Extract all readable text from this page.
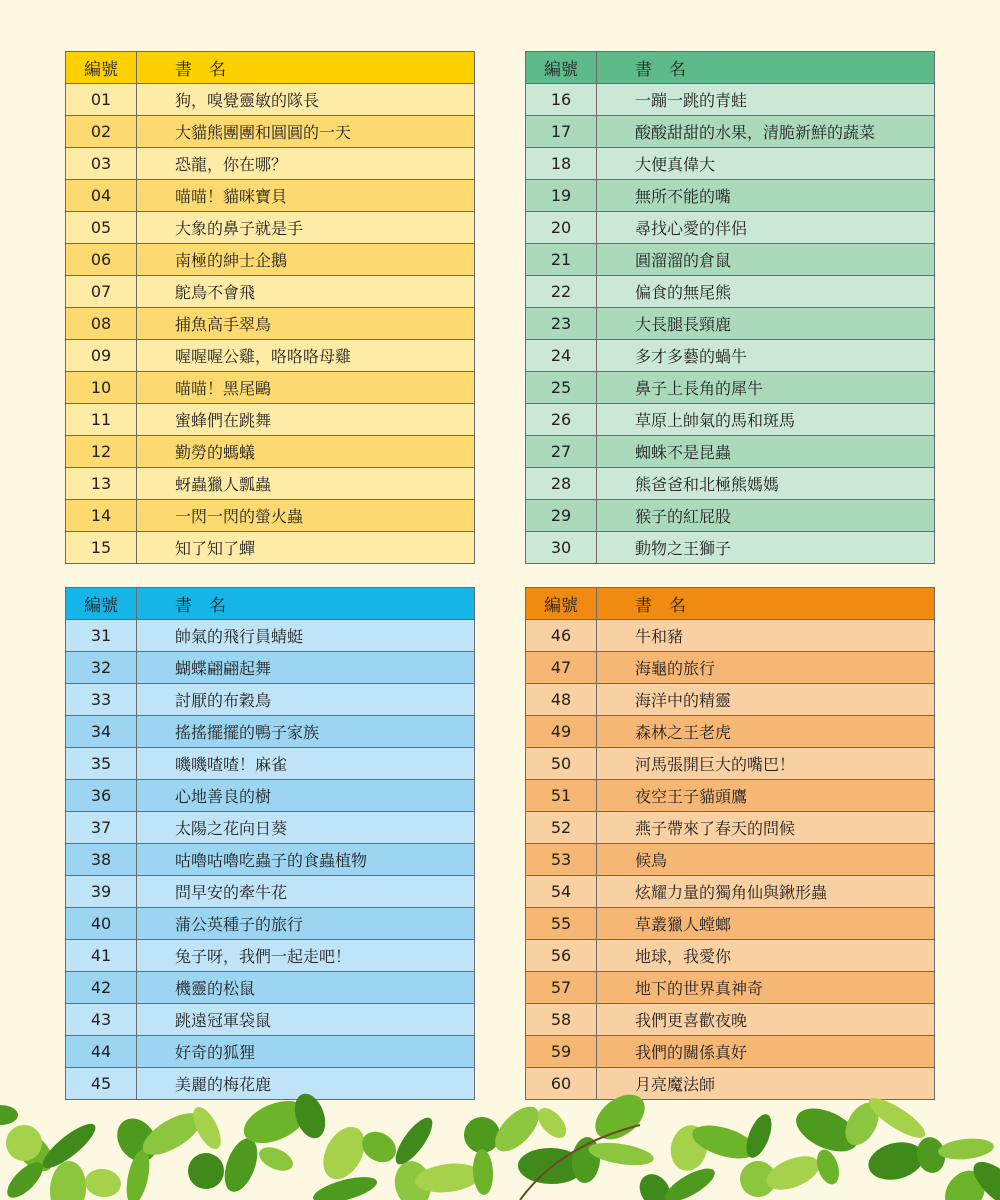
編號	書　名
01	狗，嗅覺靈敏的隊長
02	大貓熊團團和圓圓的一天
03	恐龍，你在哪？
04	喵喵！貓咪寶貝
05	大象的鼻子就是手
06	南極的紳士企鵝
07	鴕鳥不會飛
08	捕魚高手翠鳥
09	喔喔喔公雞，咯咯咯母雞
10	喵喵！黑尾鷗
11	蜜蜂們在跳舞
12	勤勞的螞蟻
13	蚜蟲獵人瓢蟲
14	一閃一閃的螢火蟲
15	知了知了蟬
編號	書　名
16	一蹦一跳的青蛙
17	酸酸甜甜的水果，清脆新鮮的蔬菜
18	大便真偉大
19	無所不能的嘴
20	尋找心愛的伴侶
21	圓溜溜的倉鼠
22	偏食的無尾熊
23	大長腿長頸鹿
24	多才多藝的蝸牛
25	鼻子上長角的犀牛
26	草原上帥氣的馬和斑馬
27	蜘蛛不是昆蟲
28	熊爸爸和北極熊媽媽
29	猴子的紅屁股
30	動物之王獅子
編號	書　名
31	帥氣的飛行員蜻蜓
32	蝴蝶翩翩起舞
33	討厭的布穀鳥
34	搖搖擺擺的鴨子家族
35	嘰嘰喳喳！麻雀
36	心地善良的樹
37	太陽之花向日葵
38	咕嚕咕嚕吃蟲子的食蟲植物
39	問早安的牽牛花
40	蒲公英種子的旅行
41	兔子呀，我們一起走吧！
42	機靈的松鼠
43	跳遠冠軍袋鼠
44	好奇的狐狸
45	美麗的梅花鹿
編號	書　名
46	牛和豬
47	海龜的旅行
48	海洋中的精靈
49	森林之王老虎
50	河馬張開巨大的嘴巴！
51	夜空王子貓頭鷹
52	燕子帶來了春天的問候
53	候鳥
54	炫耀力量的獨角仙與鍬形蟲
55	草叢獵人螳螂
56	地球，我愛你
57	地下的世界真神奇
58	我們更喜歡夜晚
59	我們的關係真好
60	月亮魔法師
